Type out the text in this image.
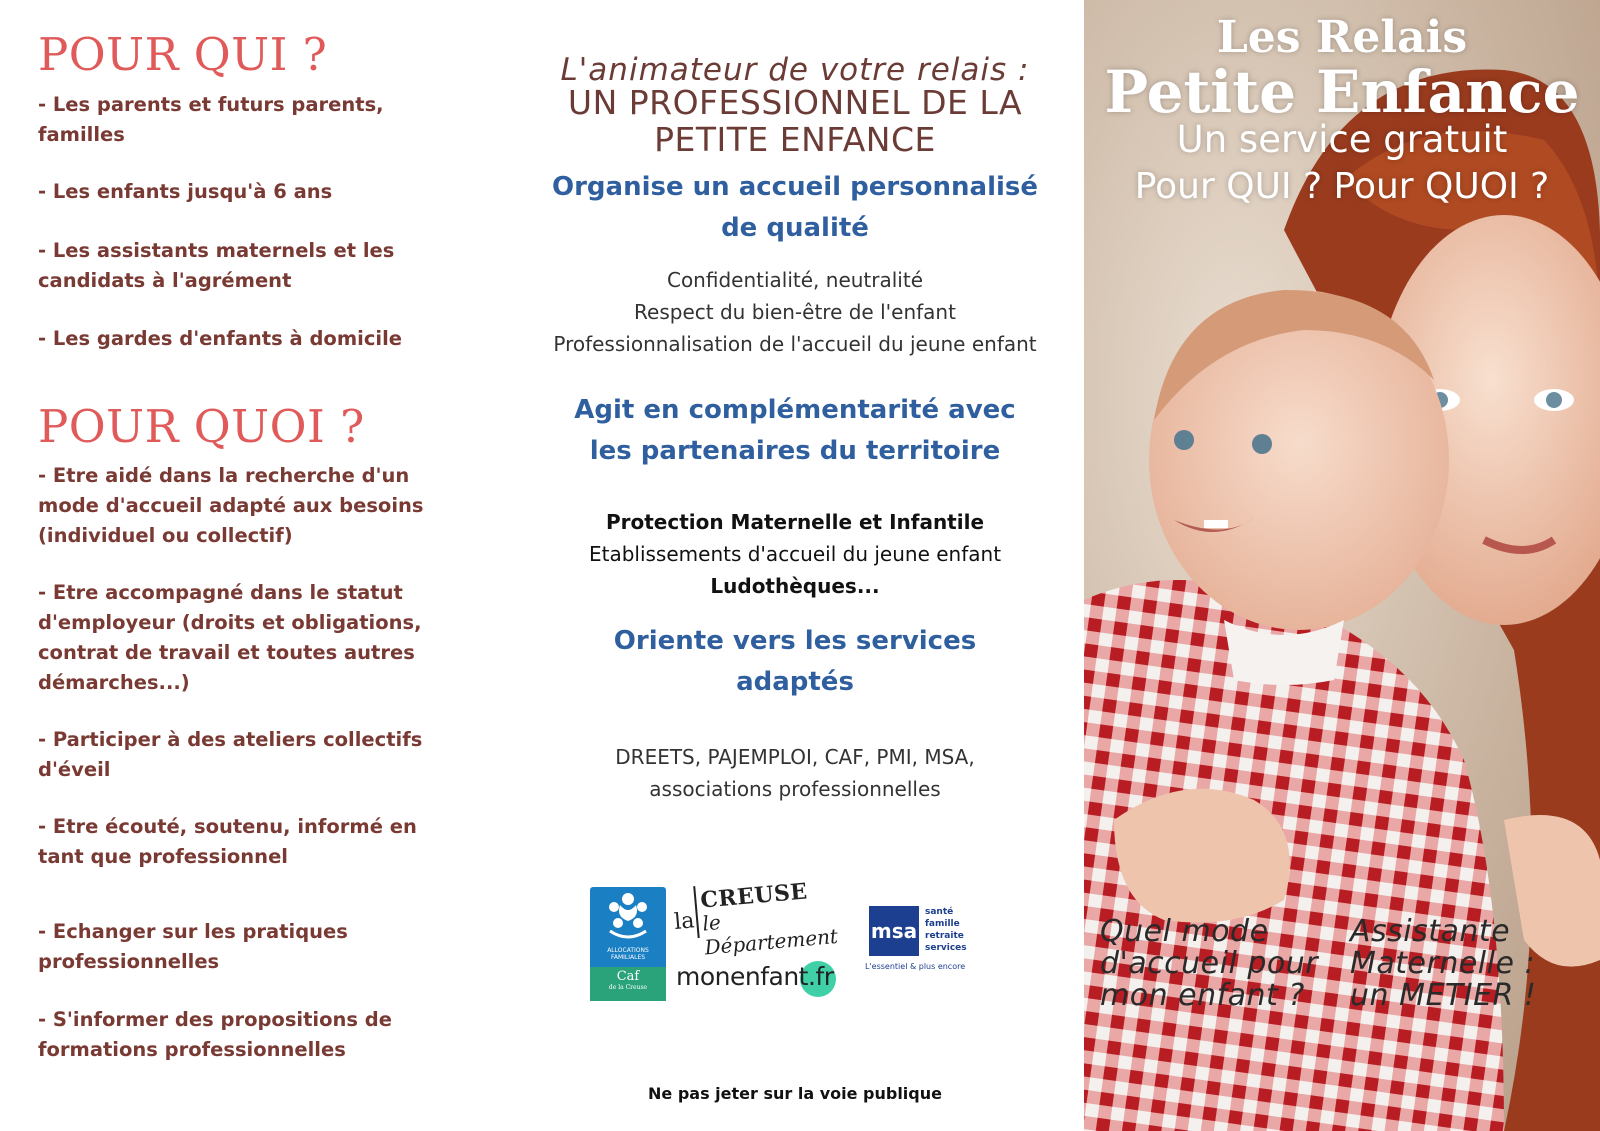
POUR QUI ?

- Les parents et futurs parents, familles

- Les enfants jusqu'à 6 ans

- Les assistants maternels et les candidats à l'agrément

- Les gardes d'enfants à domicile

POUR QUOI ?

- Etre aidé dans la recherche d'un mode d'accueil adapté aux besoins (individuel ou collectif)

- Etre accompagné dans le statut d'employeur (droits et obligations, contrat de travail et toutes autres démarches...)

- Participer à des ateliers collectifs d'éveil

- Etre écouté, soutenu, informé en tant que professionnel

- Echanger sur les pratiques professionnelles

- S'informer des propositions de formations professionnelles

L'animateur de votre relais :
UN PROFESSIONNEL DE LA
PETITE ENFANCE
Organise un accueil personnalisé
de qualité
Confidentialité, neutralité
Respect du bien-être de l'enfant
Professionnalisation de l'accueil du jeune enfant
Agit en complémentarité avec
les partenaires du territoire
Protection Maternelle et Infantile
Etablissements d'accueil du jeune enfant
Ludothèques...
Oriente vers les services
adaptés
DREETS, PAJEMPLOI, CAF, PMI, MSA,
associations professionnelles
ALLOCATIONS FAMILIALES
Caf
de la Creuse
la
CREUSE
le Département
monenfant.fr
msa
santé
famille
retraite
services
L'essentiel & plus encore
Ne pas jeter sur la voie publique
Les Relais
Petite Enfance
Un service gratuit
Pour QUI ? Pour QUOI ?
Quel mode
d'accueil pour
mon enfant ?
Assistante
Maternelle :
un METIER !
